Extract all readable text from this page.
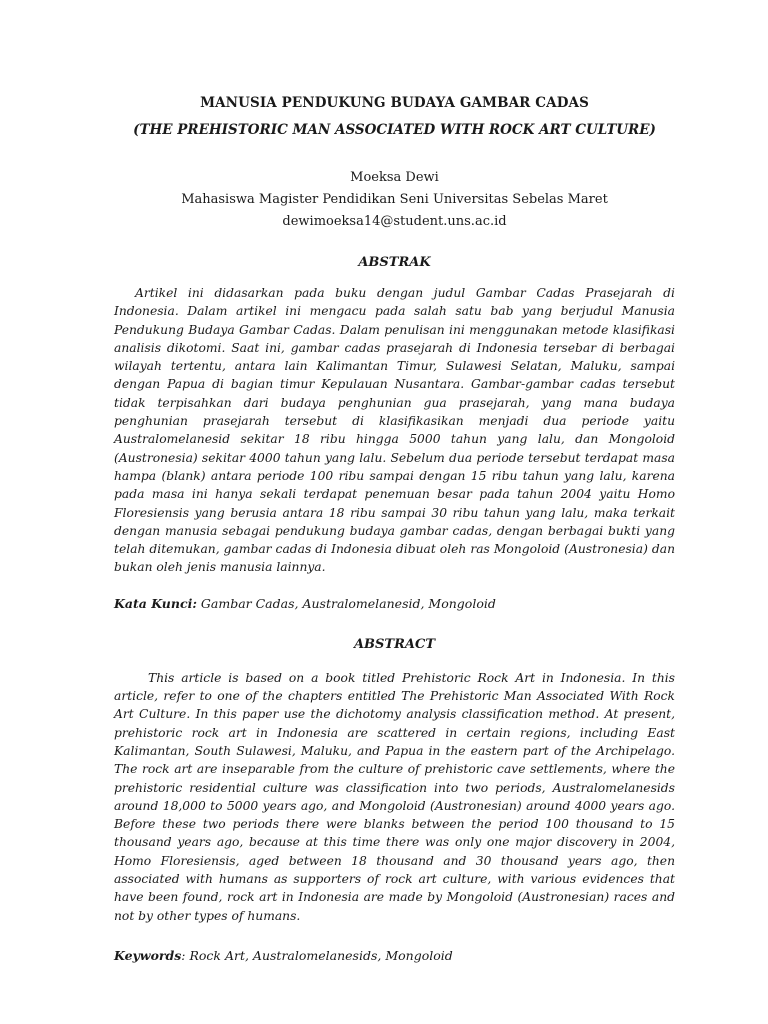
MANUSIA PENDUKUNG BUDAYA GAMBAR CADAS
(THE PREHISTORIC MAN ASSOCIATED WITH ROCK ART CULTURE)
Moeksa Dewi
Mahasiswa Magister Pendidikan Seni Universitas Sebelas Maret
dewimoeksa14@student.uns.ac.id
ABSTRAK
Artikel ini didasarkan pada buku dengan judul Gambar Cadas Prasejarah di Indonesia. Dalam artikel ini mengacu pada salah satu bab yang berjudul Manusia Pendukung Budaya Gambar Cadas. Dalam penulisan ini menggunakan metode klasifikasi analisis dikotomi. Saat ini, gambar cadas prasejarah di Indonesia tersebar di berbagai wilayah tertentu, antara lain Kalimantan Timur, Sulawesi Selatan, Maluku, sampai dengan Papua di bagian timur Kepulauan Nusantara. Gambar-gambar cadas tersebut tidak terpisahkan dari budaya penghunian gua prasejarah, yang mana budaya penghunian prasejarah tersebut di klasifikasikan menjadi dua periode yaitu Australomelanesid sekitar 18 ribu hingga 5000 tahun yang lalu, dan Mongoloid (Austronesia) sekitar 4000 tahun yang lalu. Sebelum dua periode tersebut terdapat masa hampa (blank) antara periode 100 ribu sampai dengan 15 ribu tahun yang lalu, karena pada masa ini hanya sekali terdapat penemuan besar pada tahun 2004 yaitu Homo Floresiensis yang berusia antara 18 ribu sampai 30 ribu tahun yang lalu, maka terkait dengan manusia sebagai pendukung budaya gambar cadas, dengan berbagai bukti yang telah ditemukan, gambar cadas di Indonesia dibuat oleh ras Mongoloid (Austronesia) dan bukan oleh jenis manusia lainnya.
Kata Kunci: Gambar Cadas, Australomelanesid, Mongoloid
ABSTRACT
This article is based on a book titled Prehistoric Rock Art in Indonesia. In this article, refer to one of the chapters entitled The Prehistoric Man Associated With Rock Art Culture. In this paper use the dichotomy analysis classification method. At present, prehistoric rock art in Indonesia are scattered in certain regions, including East Kalimantan, South Sulawesi, Maluku, and Papua in the eastern part of the Archipelago. The rock art are inseparable from the culture of prehistoric cave settlements, where the prehistoric residential culture was classification into two periods, Australomelanesids around 18,000 to 5000 years ago, and Mongoloid (Austronesian) around 4000 years ago. Before these two periods there were blanks between the period 100 thousand to 15 thousand years ago, because at this time there was only one major discovery in 2004, Homo Floresiensis, aged between 18 thousand and 30 thousand years ago, then associated with humans as supporters of rock art culture, with various evidences that have been found, rock art in Indonesia are made by Mongoloid (Austronesian) races and not by other types of humans.
Keywords: Rock Art, Australomelanesids, Mongoloid
